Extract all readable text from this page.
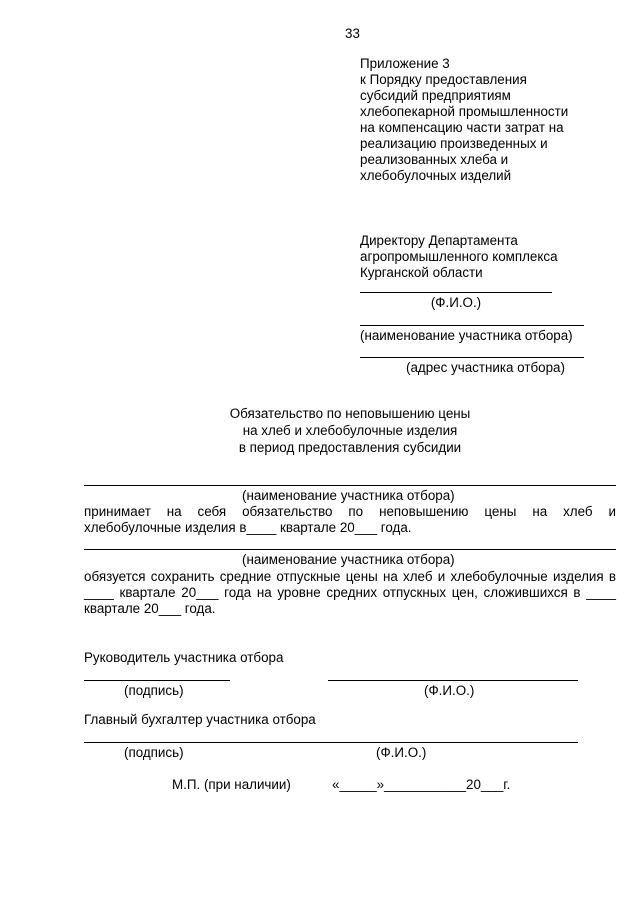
33
Приложение 3
к Порядку предоставления
субсидий предприятиям
хлебопекарной промышленности
на компенсацию части затрат на
реализацию произведенных и
реализованных хлеба и
хлебобулочных изделий
Директору Департамента
агропромышленного комплекса
Курганской области
(Ф.И.О.)
(наименование участника отбора)
(адрес участника отбора)
Обязательство по неповышению цены
на хлеб и хлебобулочные изделия
в период предоставления субсидии
(наименование участника отбора)
принимает на себя обязательство по неповышению цены на хлеб и
хлебобулочные изделия в____ квартале 20___ года.
(наименование участника отбора)
обязуется сохранить средние отпускные цены на хлеб и хлебобулочные изделия в
____ квартале 20___ года на уровне средних отпускных цен, сложившихся в ____
квартале 20___ года.
Руководитель участника отбора
(подпись)	(Ф.И.О.)
Главный бухгалтер участника отбора
(подпись)	(Ф.И.О.)
М.П. (при наличии)	«_____»___________20___г.
